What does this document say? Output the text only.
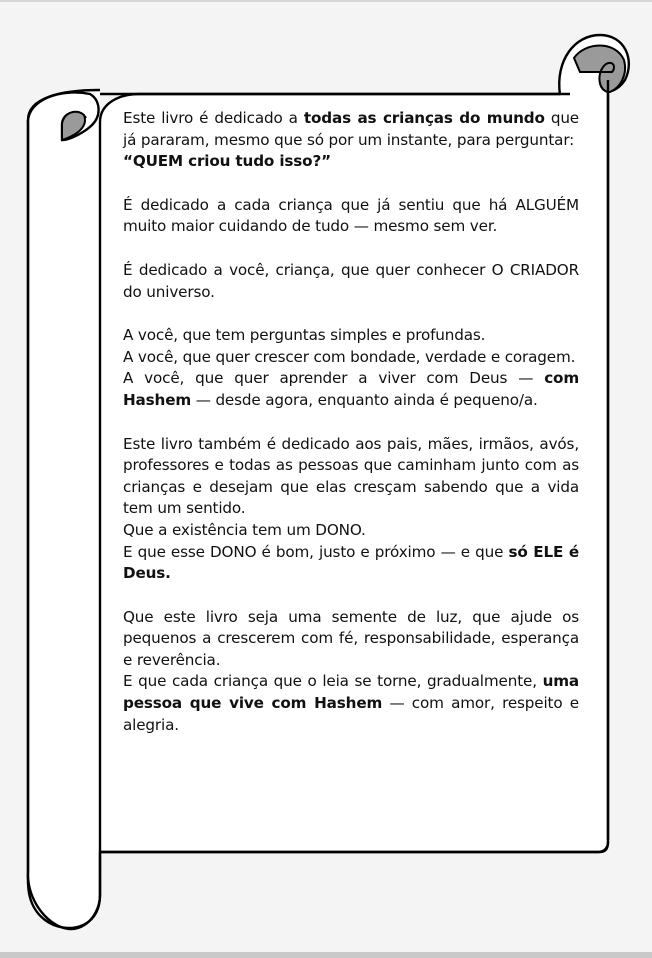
Este livro é dedicado a todas as crianças do mundo que já pararam, mesmo que só por um instante, para perguntar:
“QUEM criou tudo isso?”

É dedicado a cada criança que já sentiu que há ALGUÉM muito maior cuidando de tudo — mesmo sem ver.

É dedicado a você, criança, que quer conhecer O CRIADOR do universo.

A você, que tem perguntas simples e profundas.
A você, que quer crescer com bondade, verdade e coragem.
A você, que quer aprender a viver com Deus — com Hashem — desde agora, enquanto ainda é pequeno/a.

Este livro também é dedicado aos pais, mães, irmãos, avós, professores e todas as pessoas que caminham junto com as crianças e desejam que elas cresçam sabendo que a vida tem um sentido.
Que a existência tem um DONO.
E que esse DONO é bom, justo e próximo — e que só ELE é Deus.

Que este livro seja uma semente de luz, que ajude os pequenos a crescerem com fé, responsabilidade, esperança e reverência.
E que cada criança que o leia se torne, gradualmente, uma pessoa que vive com Hashem — com amor, respeito e alegria.
